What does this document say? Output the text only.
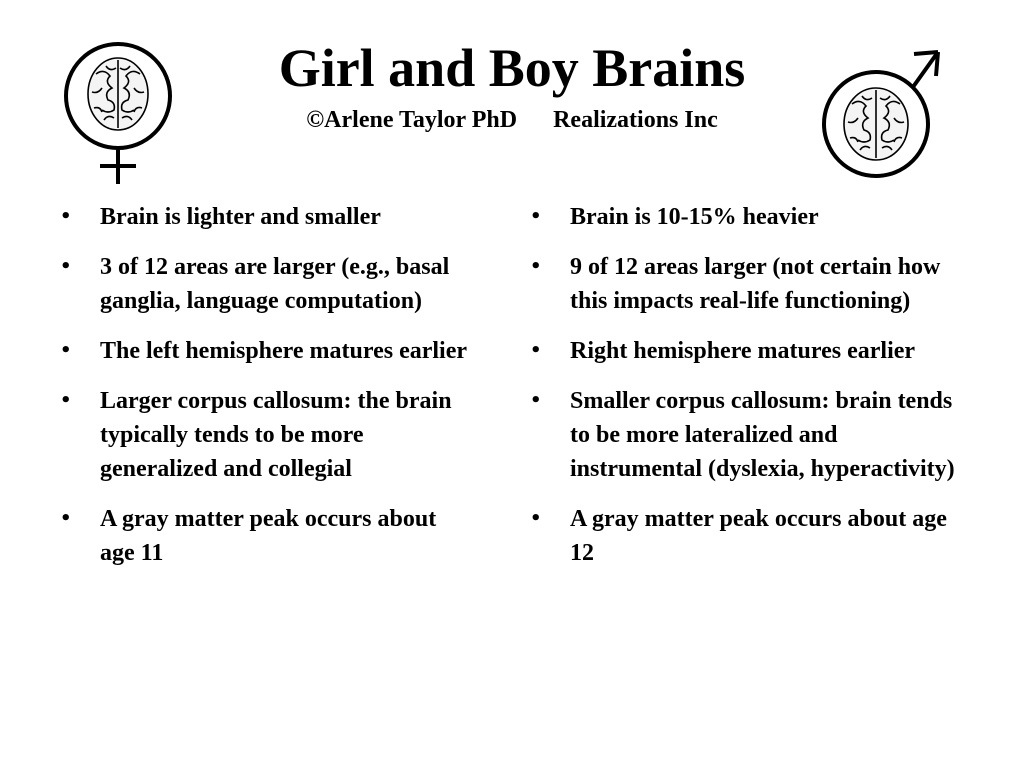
Girl and Boy Brains
©Arlene Taylor PhD Realizations Inc
• Brain is lighter and smaller
• 3 of 12 areas are larger (e.g., basal ganglia, language computation)
• The left hemisphere matures earlier
• Larger corpus callosum: the brain typically tends to be more generalized and collegial
• A gray matter peak occurs about age 11
• Brain is 10-15% heavier
• 9 of 12 areas larger (not certain how this impacts real-life functioning)
• Right hemisphere matures earlier
• Smaller corpus callosum: brain tends to be more lateralized and instrumental (dyslexia, hyperactivity)
• A gray matter peak occurs about age 12
